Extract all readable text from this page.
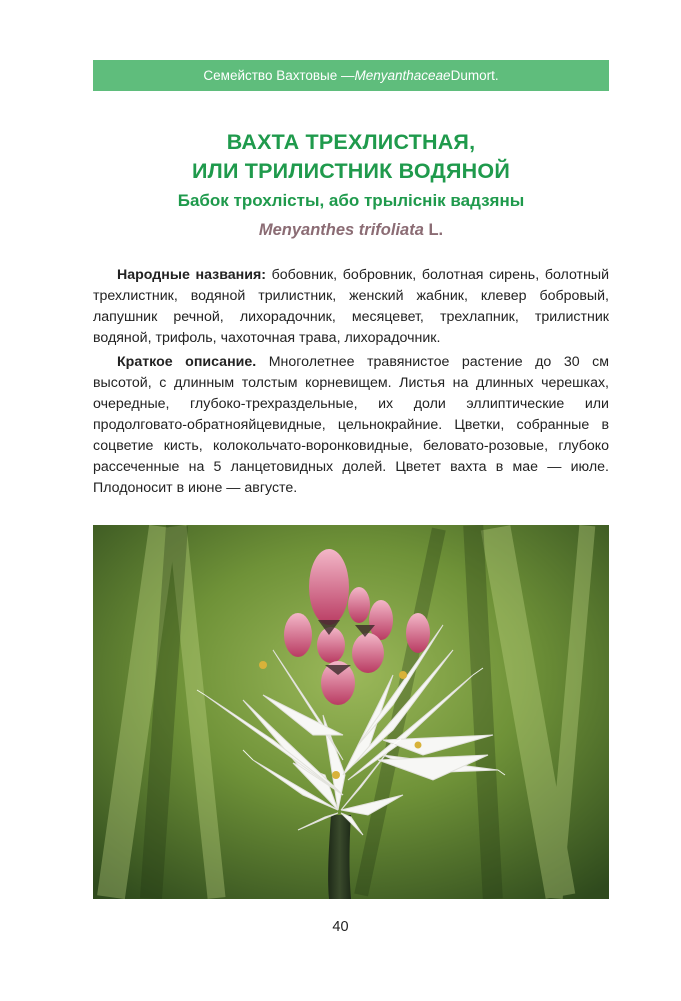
Семейство Вахтовые — Menyanthaceae Dumort.

ВАХТА ТРЕХЛИСТНАЯ,
ИЛИ ТРИЛИСТНИК ВОДЯНОЙ

Бабок трохлісты, або трылiснiк вадзяны

Menyanthes trifoliata L.

Народные названия: бобовник, бобровник, болотная сирень, болотный трехлистник, водяной трилистник, женский жабник, клевер бобровый, лапушник речной, лихорадочник, месяцевет, трехлапник, трилистник водяной, трифоль, чахоточная трава, лихорадочник.

Краткое описание. Многолетнее травянистое растение до 30 см высотой, с длинным толстым корневищем. Листья на длинных черешках, очередные, глубоко-трехраздельные, их доли эллиптические или продолговато-обратнояйцевидные, цельнокрайние. Цветки, собранные в соцветие кисть, колокольчато-воронковидные, беловато-розовые, глубоко рассеченные на 5 ланцетовидных долей. Цветет вахта в мае — июле. Плодоносит в июне — августе.

40
